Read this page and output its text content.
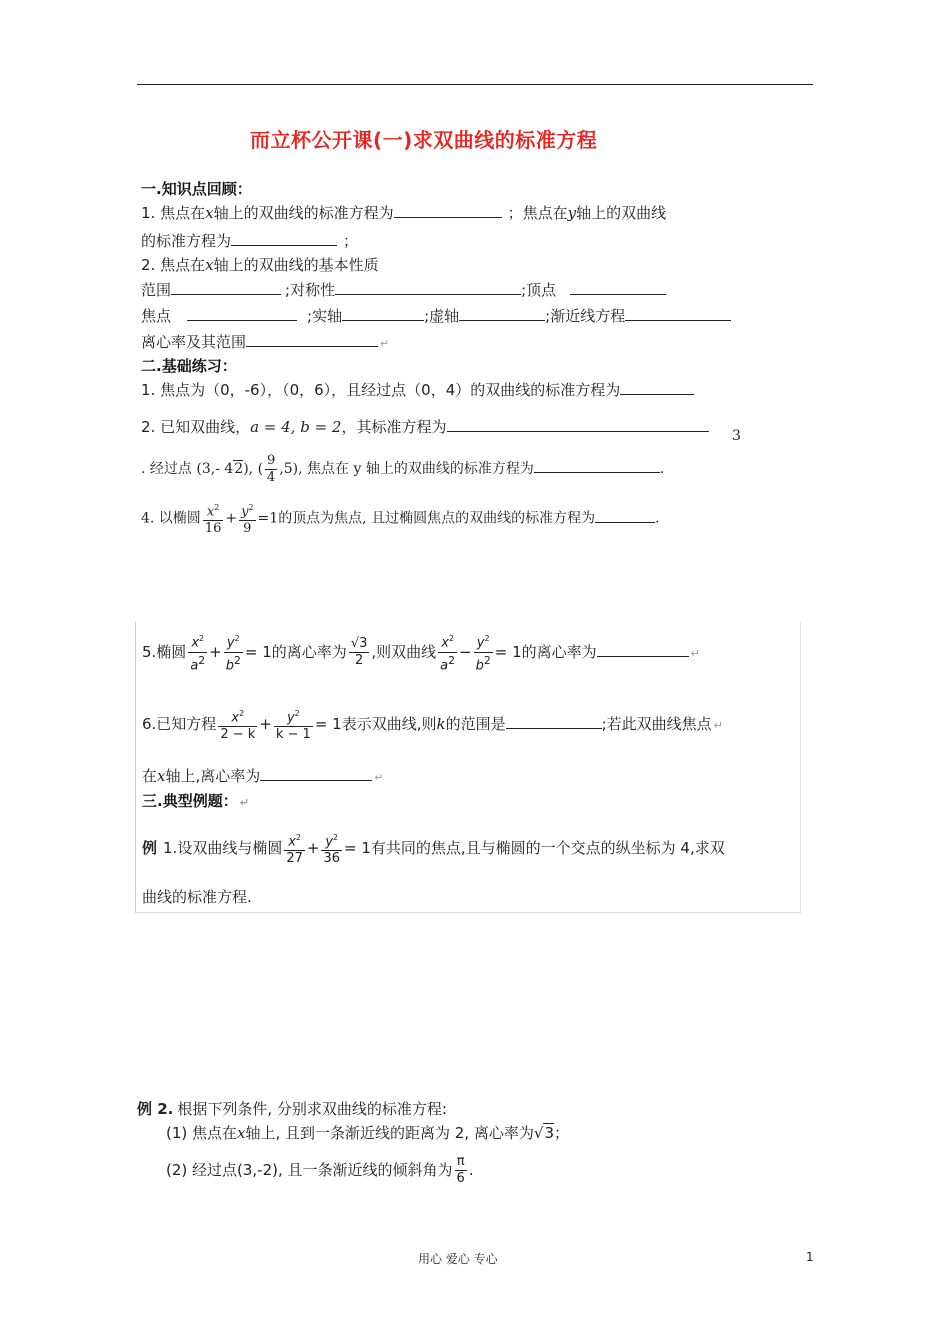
而立杯公开课(一)求双曲线的标准方程
一.知识点回顾：
1. 焦点在x轴上的双曲线的标准方程为	；焦点在y轴上的双曲线
的标准方程为	；
2. 焦点在x轴上的双曲线的基本性质
范围	;对称性	;顶点
焦点	;实轴	;虚轴	;渐近线方程
离心率及其范围	↵
二.基础练习：
1. 焦点为（0，-6），（0，6），且经过点（0，4）的双曲线的标准方程为
2. 已知双曲线，a = 4, b = 2，其标准方程为	3
. 经过点 (3,- 42), ( $\frac{9}{4} ,5$), 焦点在 y 轴上的双曲线的标准方程为	.
4. 以椭圆 $\frac{x^2}{16} + \frac{y^2}{9} =1$的顶点为焦点, 且过椭圆焦点的双曲线的标准方程为	.
5.椭圆 $\frac{x^2}{a^2} + \frac{y^2}{b^2} = 1$的离心率为 $\frac{√3}{2}$ ,则双曲线 $\frac{x^2}{a^2} - \frac{y^2}{b^2} = 1$的离心率为	↵
6.已知方程 $\frac{x^2}{2 - k} + \frac{y^2}{k - 1} = 1$表示双曲线,则k的范围是	;若此双曲线焦点 ↵
在x轴上,离心率为	↵
三.典型例题： ↵
例 1.设双曲线与椭圆 $\frac{x^2}{27} + \frac{y^2}{36} = 1$有共同的焦点,且与椭圆的一个交点的纵坐标为 4,求双
曲线的标准方程.
例 2. 根据下列条件, 分别求双曲线的标准方程:
(1) 焦点在x轴上, 且到一条渐近线的距离为 2, 离心率为√3；
(2) 经过点(3,-2), 且一条渐近线的倾斜角为 $\frac{\pi}{6}$ .
用心 爱心 专心	1
